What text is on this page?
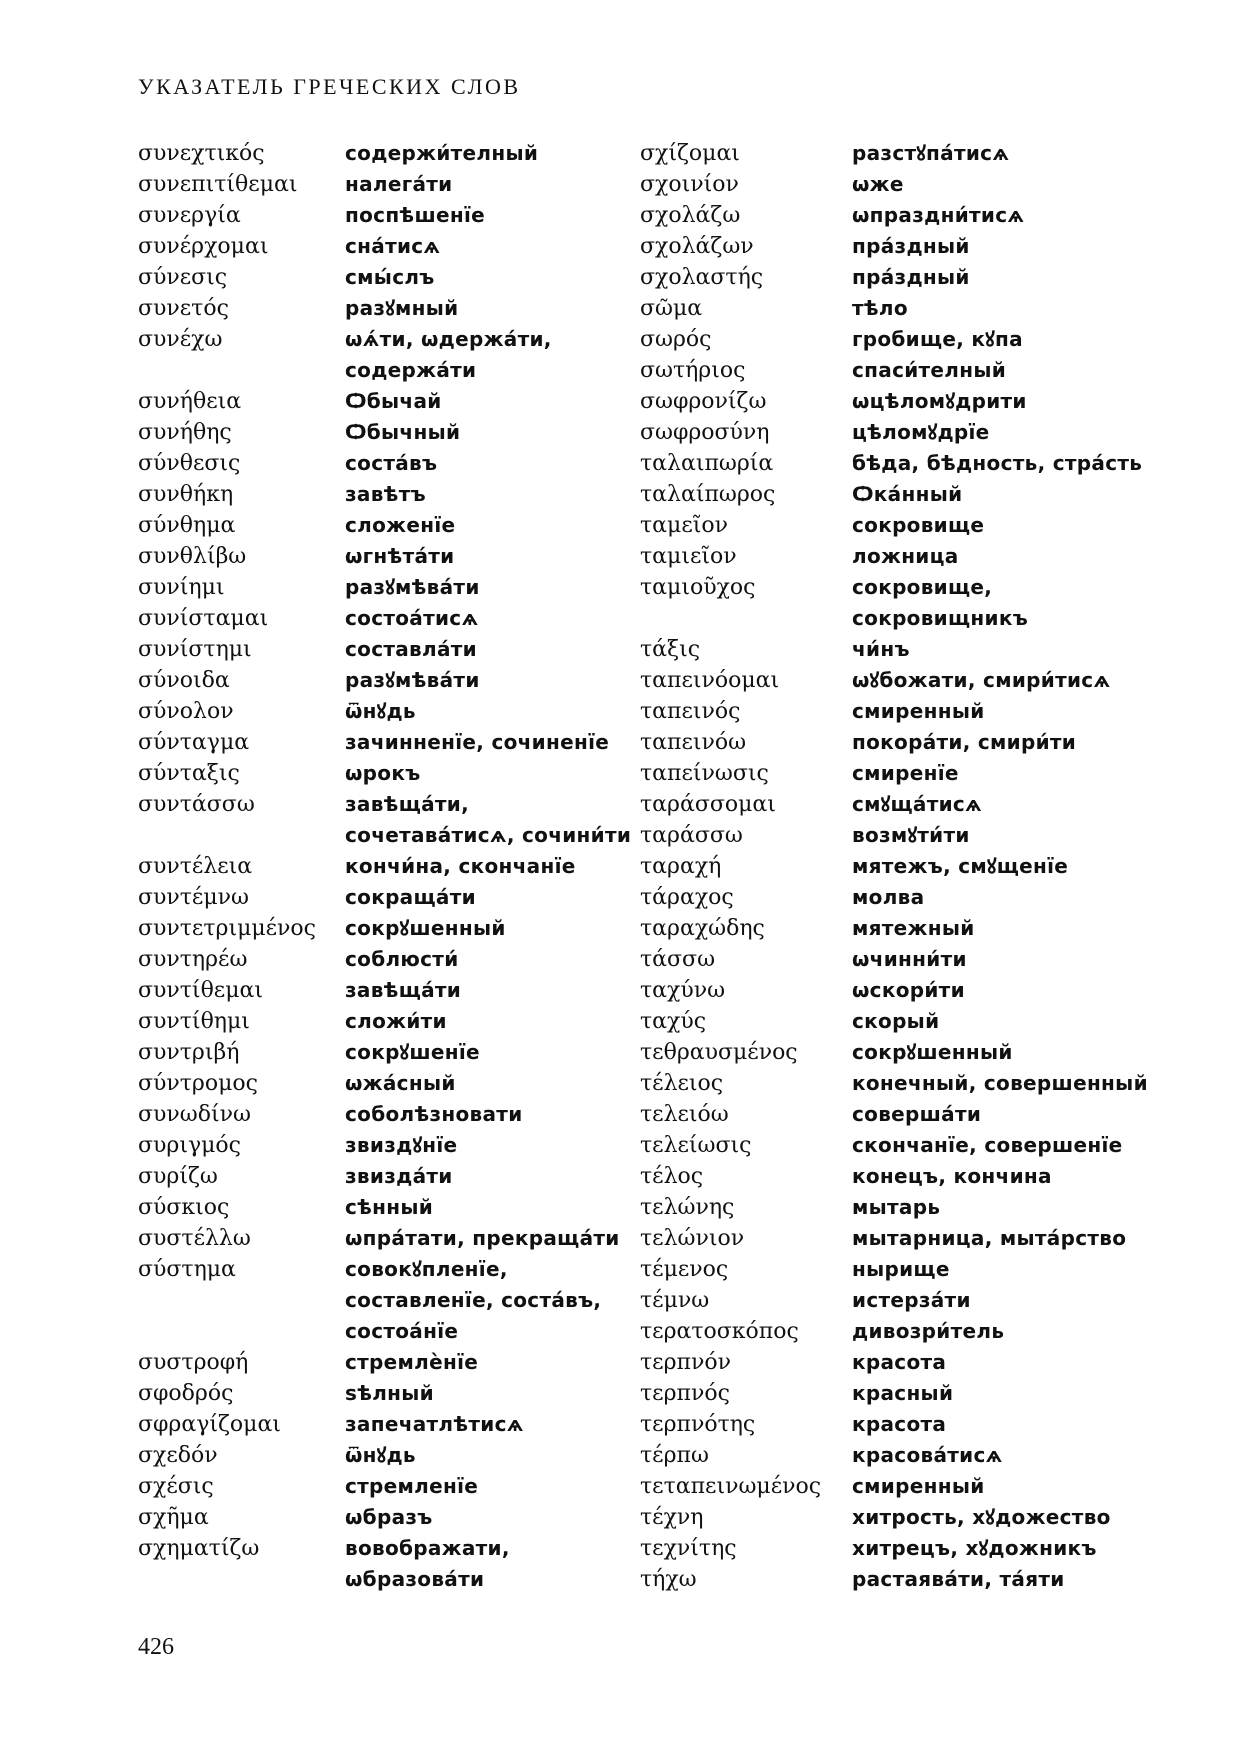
УКАЗАТЕЛЬ ГРЕЧЕСКИХ СЛОВ
συνεχτικός
συνεπιτίθεμαι
συνεργία
συνέρχομαι
σύνεσις
συνετός
συνέχω

συνήθεια
συνήθης
σύνθεσις
συνθήκη
σύνθημα
συνθλίβω
συνίημι
συνίσταμαι
συνίστημι
σύνοιδα
σύνολον
σύνταγμα
σύνταξις
συντάσσω

συντέλεια
συντέμνω
συντετριμμένος
συντηρέω
συντίθεμαι
συντίθημι
συντριβή
σύντρομος
συνωδίνω
συριγμός
συρίζω
σύσκιος
συστέλλω
σύστημα

συστροφή
σφοδρός
σφραγίζομαι
σχεδόν
σχέσις
σχῆμα
σχηματίζω

содержи́телный
налега́ти
поспѣшенїе
сна́тисѧ
смы́слъ
разꙋмный
ѡѧ́ти, ѡдержа́ти,
содержа́ти
Ѻбычай
Ѻбычный
соста́въ
завѣтъ
сложенїе
ѡгнѣта́ти
разꙋмѣва́ти
состоа́тисѧ
составла́ти
разꙋмѣва́ти
ѿнꙋдь
зачинненїе, сочиненїе
ѡрокъ
завѣща́ти,
сочетава́тисѧ, сочини́ти
кончи́на, скончанїе
сокраща́ти
сокрꙋшенный
соблюсти́
завѣща́ти
сложи́ти
сокрꙋшенїе
ѡжа́сный
соболѣзновати
звиздꙋнїе
звизда́ти
сѣнный
ѡпра́тати, прекраща́ти
совокꙋпленїе,
составленїе, соста́въ,
состоа́нїе
стремлѐнїе
ѕѣлный
запечатлѣтисѧ
ѿнꙋдь
стремленїе
ѡбразъ
вовображати,
ѡбразова́ти
σχίζομαι
σχοινίον
σχολάζω
σχολάζων
σχολαστής
σῶμα
σωρός
σωτήριος
σωφρονίζω
σωφροσύνη
ταλαιπωρία
ταλαίπωρος
ταμεῖον
ταμιεῖον
ταμιοῦχος

τάξις
ταπεινόομαι
ταπεινός
ταπεινόω
ταπείνωσις
ταράσσομαι
ταράσσω
ταραχή
τάραχος
ταραχώδης
τάσσω
ταχύνω
ταχύς
τεθραυσμένος
τέλειος
τελειόω
τελείωσις
τέλος
τελώνης
τελώνιον
τέμενος
τέμνω
τερατοσκόπος
τερπνόν
τερπνός
τερπνότης
τέρπω
τεταπεινωμένος
τέχνη
τεχνίτης
τήχω
разстꙋпа́тисѧ
ѡже
ѡпраздни́тисѧ
пра́здный
пра́здный
тѣло
гробище, кꙋпа
спаси́телный
ѡцѣломꙋдрити
цѣломꙋдрїе
бѣда, бѣдность, стра́сть
Ѻка́нный
сокровище
ложница
сокровище,
сокровищникъ
чи́нъ
ѡꙋбожати, смири́тисѧ
смиренный
покора́ти, смири́ти
смиренїе
смꙋща́тисѧ
возмꙋти́ти
мятежъ, смꙋщенїе
молва
мятежный
ѡчинни́ти
ѡскори́ти
скорый
сокрꙋшенный
конечный, совершенный
соверша́ти
скончанїе, совершенїе
конецъ, кончина
мытарь
мытарница, мыта́рство
нырище
истерза́ти
дивозри́тель
красота
красный
красота
красова́тисѧ
смиренный
хитрость, хꙋдожество
хитрецъ, хꙋдожникъ
растаява́ти, та́яти
426
